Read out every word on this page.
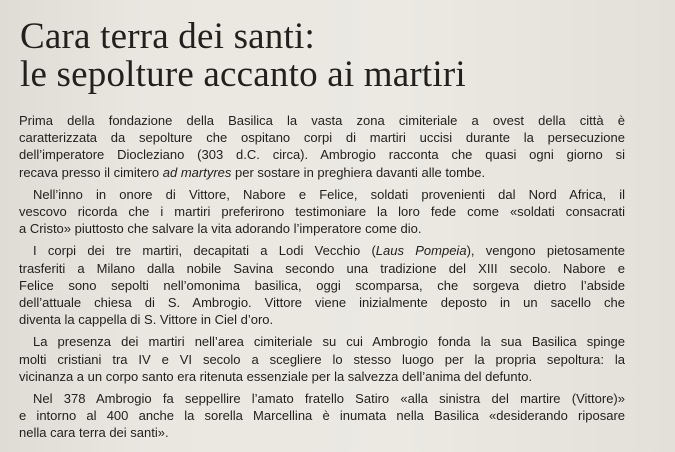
Cara terra dei santi:
le sepolture accanto ai martiri

Prima della fondazione della Basilica la vasta zona cimiteriale a ovest della città è
caratterizzata da sepolture che ospitano corpi di martiri uccisi durante la persecuzione
dell’imperatore Diocleziano (303 d.C. circa). Ambrogio racconta che quasi ogni giorno si
recava presso il cimitero ad martyres per sostare in preghiera davanti alle tombe.

Nell’inno in onore di Vittore, Nabore e Felice, soldati provenienti dal Nord Africa, il
vescovo ricorda che i martiri preferirono testimoniare la loro fede come «soldati consacrati
a Cristo» piuttosto che salvare la vita adorando l’imperatore come dio.

I corpi dei tre martiri, decapitati a Lodi Vecchio (Laus Pompeia), vengono pietosamente
trasferiti a Milano dalla nobile Savina secondo una tradizione del XIII secolo. Nabore e
Felice sono sepolti nell’omonima basilica, oggi scomparsa, che sorgeva dietro l’abside
dell’attuale chiesa di S. Ambrogio. Vittore viene inizialmente deposto in un sacello che
diventa la cappella di S. Vittore in Ciel d’oro.

La presenza dei martiri nell’area cimiteriale su cui Ambrogio fonda la sua Basilica spinge
molti cristiani tra IV e VI secolo a scegliere lo stesso luogo per la propria sepoltura: la
vicinanza a un corpo santo era ritenuta essenziale per la salvezza dell’anima del defunto.

Nel 378 Ambrogio fa seppellire l’amato fratello Satiro «alla sinistra del martire (Vittore)»
e intorno al 400 anche la sorella Marcellina è inumata nella Basilica «desiderando riposare
nella cara terra dei santi».
